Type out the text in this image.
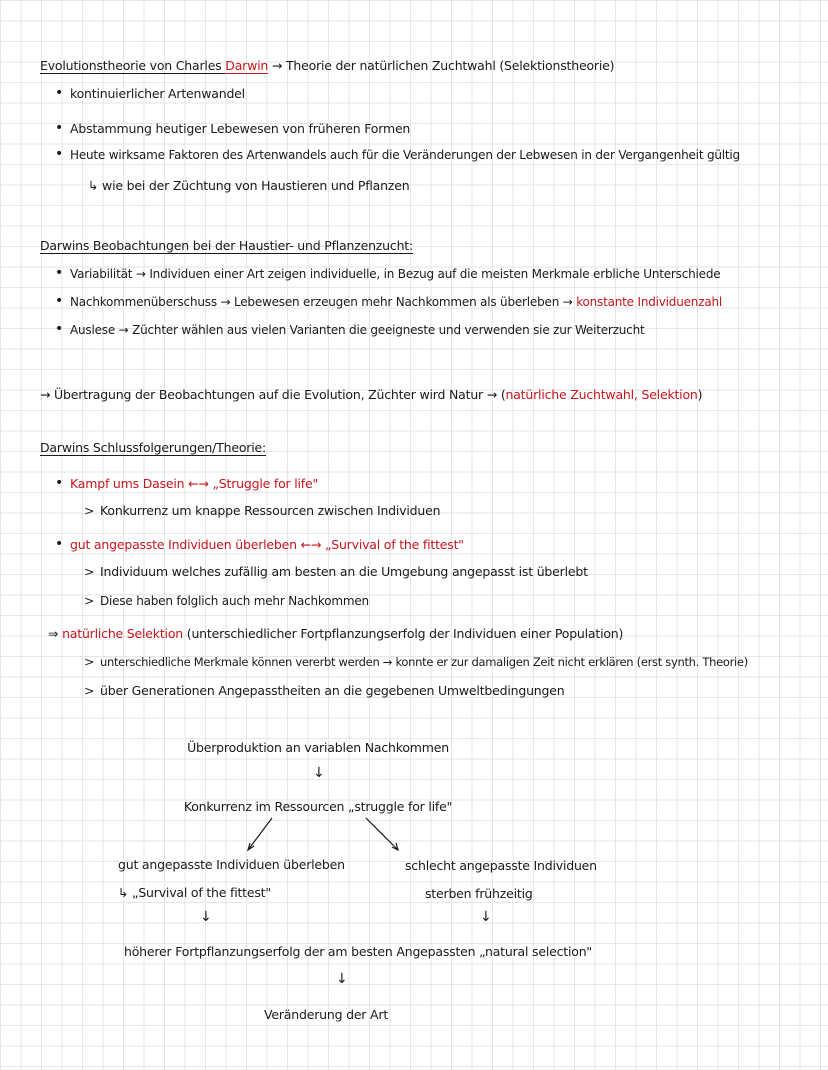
Evolutionstheorie von Charles Darwin → Theorie der natürlichen Zuchtwahl (Selektionstheorie)
• kontinuierlicher Artenwandel
• Abstammung heutiger Lebewesen von früheren Formen
• Heute wirksame Faktoren des Artenwandels auch für die Veränderungen der Lebwesen in der Vergangenheit gültig
↳ wie bei der Züchtung von Haustieren und Pflanzen
Darwins Beobachtungen bei der Haustier- und Pflanzenzucht:
• Variabilität → Individuen einer Art zeigen individuelle, in Bezug auf die meisten Merkmale erbliche Unterschiede
• Nachkommenüberschuss → Lebewesen erzeugen mehr Nachkommen als überleben → konstante Individuenzahl
• Auslese → Züchter wählen aus vielen Varianten die geeigneste und verwenden sie zur Weiterzucht
→ Übertragung der Beobachtungen auf die Evolution, Züchter wird Natur → (natürliche Zuchtwahl, Selektion)
Darwins Schlussfolgerungen/Theorie:
• Kampf ums Dasein ←→ „Struggle for life"
> Konkurrenz um knappe Ressourcen zwischen Individuen
• gut angepasste Individuen überleben ←→ „Survival of the fittest"
> Individuum welches zufällig am besten an die Umgebung angepasst ist überlebt
> Diese haben folglich auch mehr Nachkommen
⇒ natürliche Selektion (unterschiedlicher Fortpflanzungserfolg der Individuen einer Population)
> unterschiedliche Merkmale können vererbt werden → konnte er zur damaligen Zeit nicht erklären (erst synth. Theorie)
> über Generationen Angepasstheiten an die gegebenen Umweltbedingungen
Überproduktion an variablen Nachkommen
↓
Konkurrenz im Ressourcen „struggle for life"
gut angepasste Individuen überleben
↳ „Survival of the fittest"
schlecht angepasste Individuen
sterben frühzeitig
↓	↓
höherer Fortpflanzungserfolg der am besten Angepassten „natural selection"
↓
Veränderung der Art
